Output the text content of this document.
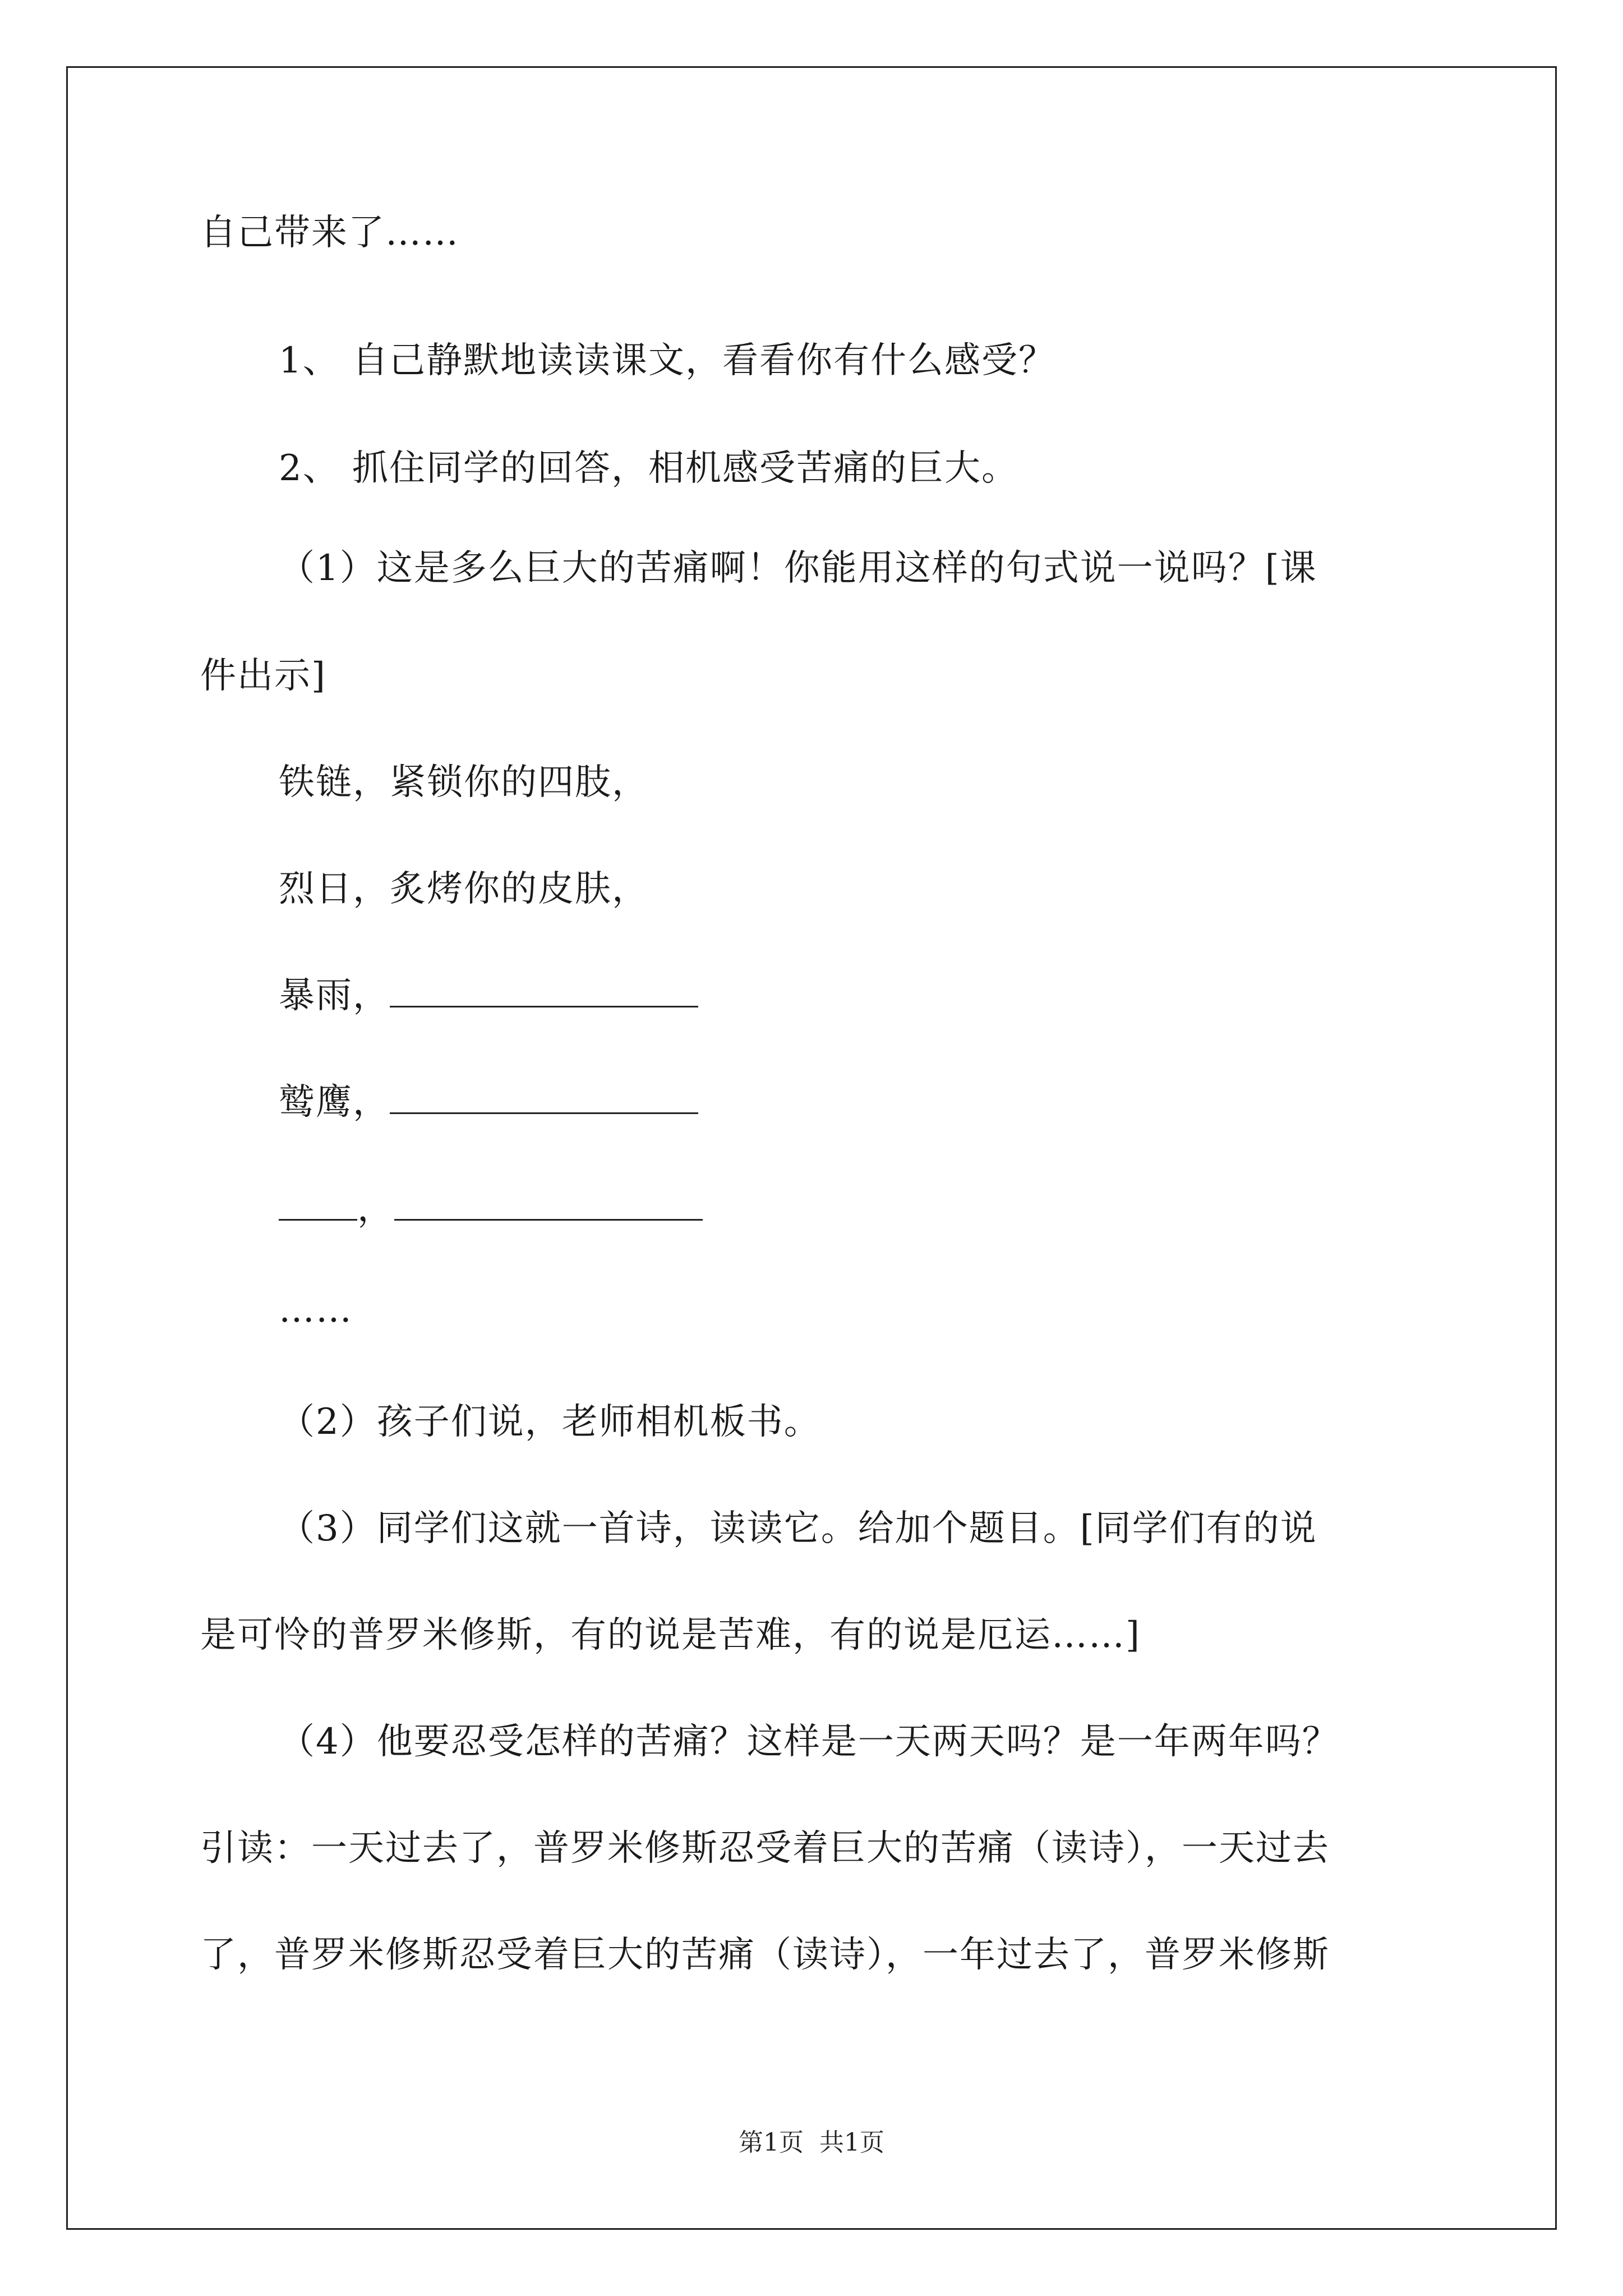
自己带来了……
1、 自己静默地读读课文，看看你有什么感受？
2、 抓住同学的回答，相机感受苦痛的巨大。
（1）这是多么巨大的苦痛啊！你能用这样的句式说一说吗？[课
件出示]
铁链，紧锁你的四肢，
烈日，炙烤你的皮肤，
暴雨，
鹫鹰，
，
……
（2）孩子们说，老师相机板书。
（3）同学们这就一首诗，读读它。给加个题目。[同学们有的说
是可怜的普罗米修斯，有的说是苦难，有的说是厄运……]
（4）他要忍受怎样的苦痛？这样是一天两天吗？是一年两年吗？
引读：一天过去了，普罗米修斯忍受着巨大的苦痛（读诗），一天过去
了，普罗米修斯忍受着巨大的苦痛（读诗），一年过去了，普罗米修斯
第1页 共1页
